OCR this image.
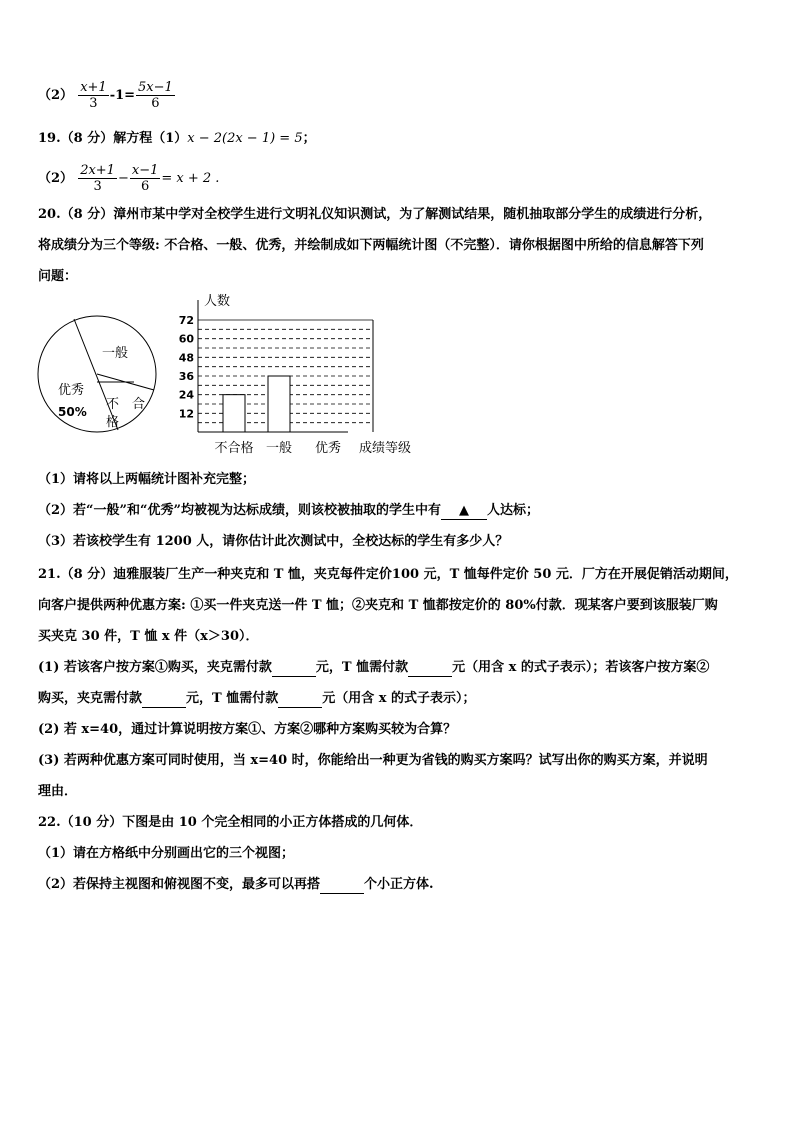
$(2) \frac{x+1}{3} -1= \frac{5x-1}{6}$
19.（8 分）解方程（1）x − 2(2x − 1) = 5；
$(2) \frac{2x+1}{3} - \frac{x-1}{6} = x + 2$ .
20.（8 分）漳州市某中学对全校学生进行文明礼仪知识测试，为了解测试结果，随机抽取部分学生的成绩进行分析，
将成绩分为三个等级: 不合格、一般、优秀，并绘制成如下两幅统计图（不完整）．请你根据图中所给的信息解答下列
问题：
一般
优秀
50% 不 合
格
人数
成绩等级
12
24
36
48
60
72
不合格 一般 优秀
（1）请将以上两幅统计图补充完整；
（2）若“一般”和“优秀”均被视为达标成绩，则该校被抽取的学生中有 ▲ 人达标；
（3）若该校学生有 1200 人，请你估计此次测试中，全校达标的学生有多少人？
21.（8 分）迪雅服装厂生产一种夹克和 T 恤，夹克每件定价100 元，T 恤每件定价 50 元．厂方在开展促销活动期间，
向客户提供两种优惠方案: ①买一件夹克送一件 T 恤；②夹克和 T 恤都按定价的 80%付款．现某客户要到该服装厂购
买夹克 30 件，T 恤 x 件（x＞30）．
(1) 若该客户按方案①购买，夹克需付款	元，T 恤需付款	元（用含 x 的式子表示）；若该客户按方案②
购买，夹克需付款	元，T 恤需付款	元（用含 x 的式子表示）；
(2) 若 x=40，通过计算说明按方案①、方案②哪种方案购买较为合算？
(3) 若两种优惠方案可同时使用，当 x=40 时，你能给出一种更为省钱的购买方案吗？试写出你的购买方案，并说明
理由．
22.（10 分）下图是由 10 个完全相同的小正方体搭成的几何体．
（1）请在方格纸中分别画出它的三个视图；
（2）若保持主视图和俯视图不变，最多可以再搭	个小正方体.
